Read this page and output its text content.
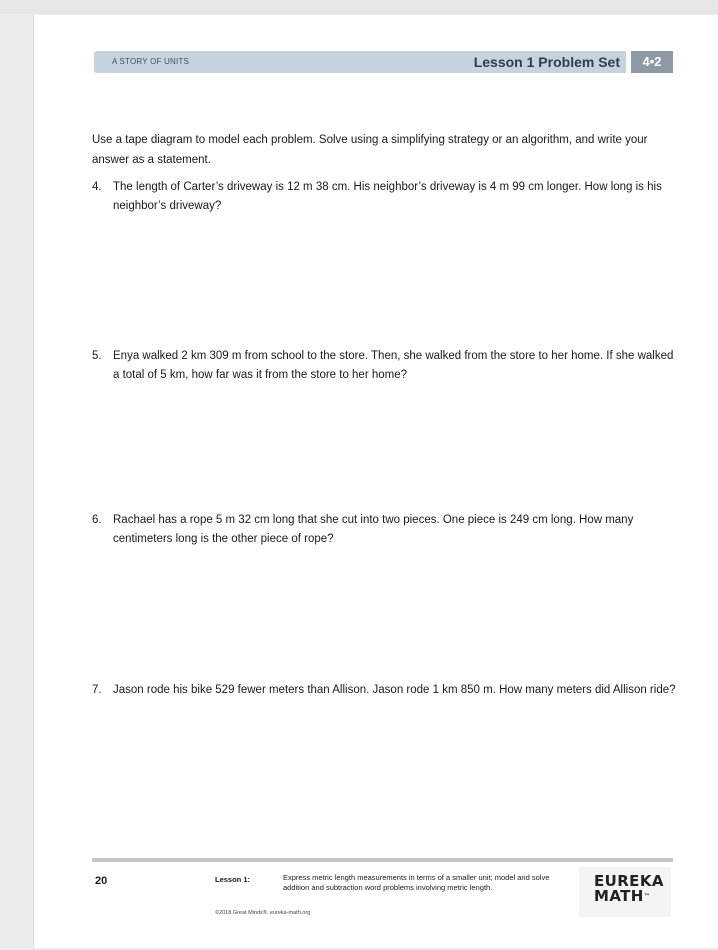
A STORY OF UNITS	Lesson 1 Problem Set	4•2
Use a tape diagram to model each problem. Solve using a simplifying strategy or an algorithm, and write your answer as a statement.
4. The length of Carter’s driveway is 12 m 38 cm. His neighbor’s driveway is 4 m 99 cm longer. How long is his neighbor’s driveway?
5. Enya walked 2 km 309 m from school to the store. Then, she walked from the store to her home. If she walked a total of 5 km, how far was it from the store to her home?
6. Rachael has a rope 5 m 32 cm long that she cut into two pieces. One piece is 249 cm long. How many centimeters long is the other piece of rope?
7. Jason rode his bike 529 fewer meters than Allison. Jason rode 1 km 850 m. How many meters did Allison ride?
20	Lesson 1:	Express metric length measurements in terms of a smaller unit; model and solve addition and subtraction word problems involving metric length.
©2018 Great Minds®. eureka-math.org
EUREKA
MATH™
